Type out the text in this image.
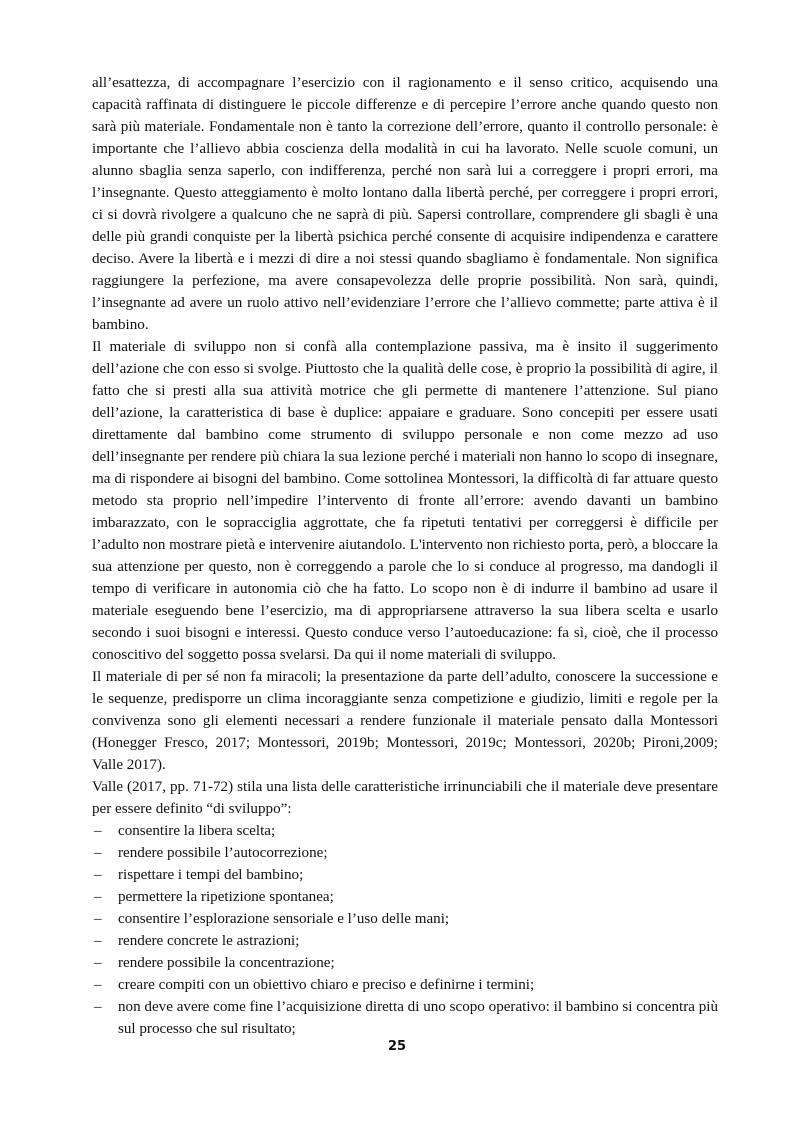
all’esattezza, di accompagnare l’esercizio con il ragionamento e il senso critico, acquisendo una capacità raffinata di distinguere le piccole differenze e di percepire l’errore anche quando questo non sarà più materiale. Fondamentale non è tanto la correzione dell’errore, quanto il controllo personale: è importante che l’allievo abbia coscienza della modalità in cui ha lavorato. Nelle scuole comuni, un alunno sbaglia senza saperlo, con indifferenza, perché non sarà lui a correggere i propri errori, ma l’insegnante. Questo atteggiamento è molto lontano dalla libertà perché, per correggere i propri errori, ci si dovrà rivolgere a qualcuno che ne saprà di più. Sapersi controllare, comprendere gli sbagli è una delle più grandi conquiste per la libertà psichica perché consente di acquisire indipendenza e carattere deciso. Avere la libertà e i mezzi di dire a noi stessi quando sbagliamo è fondamentale. Non significa raggiungere la perfezione, ma avere consapevolezza delle proprie possibilità. Non sarà, quindi, l’insegnante ad avere un ruolo attivo nell’evidenziare l’errore che l’allievo commette; parte attiva è il bambino.

Il materiale di sviluppo non si confà alla contemplazione passiva, ma è insito il suggerimento dell’azione che con esso si svolge. Piuttosto che la qualità delle cose, è proprio la possibilità di agire, il fatto che si presti alla sua attività motrice che gli permette di mantenere l’attenzione. Sul piano dell’azione, la caratteristica di base è duplice: appaiare e graduare. Sono concepiti per essere usati direttamente dal bambino come strumento di sviluppo personale e non come mezzo ad uso dell’insegnante per rendere più chiara la sua lezione perché i materiali non hanno lo scopo di insegnare, ma di rispondere ai bisogni del bambino. Come sottolinea Montessori, la difficoltà di far attuare questo metodo sta proprio nell’impedire l’intervento di fronte all’errore: avendo davanti un bambino imbarazzato, con le sopracciglia aggrottate, che fa ripetuti tentativi per correggersi è difficile per l’adulto non mostrare pietà e intervenire aiutandolo. L'intervento non richiesto porta, però, a bloccare la sua attenzione per questo, non è correggendo a parole che lo si conduce al progresso, ma dandogli il tempo di verificare in autonomia ciò che ha fatto. Lo scopo non è di indurre il bambino ad usare il materiale eseguendo bene l’esercizio, ma di appropriarsene attraverso la sua libera scelta e usarlo secondo i suoi bisogni e interessi. Questo conduce verso l’autoeducazione: fa sì, cioè, che il processo conoscitivo del soggetto possa svelarsi. Da qui il nome materiali di sviluppo.

Il materiale di per sé non fa miracoli; la presentazione da parte dell’adulto, conoscere la successione e le sequenze, predisporre un clima incoraggiante senza competizione e giudizio, limiti e regole per la convivenza sono gli elementi necessari a rendere funzionale il materiale pensato dalla Montessori (Honegger Fresco, 2017; Montessori, 2019b; Montessori, 2019c; Montessori, 2020b; Pironi,2009; Valle 2017).

Valle (2017, pp. 71-72) stila una lista delle caratteristiche irrinunciabili che il materiale deve presentare per essere definito “di sviluppo”:

– consentire la libera scelta;
– rendere possibile l’autocorrezione;
– rispettare i tempi del bambino;
– permettere la ripetizione spontanea;
– consentire l’esplorazione sensoriale e l’uso delle mani;
– rendere concrete le astrazioni;
– rendere possibile la concentrazione;
– creare compiti con un obiettivo chiaro e preciso e definirne i termini;
– non deve avere come fine l’acquisizione diretta di uno scopo operativo: il bambino si concentra più sul processo che sul risultato;
25
